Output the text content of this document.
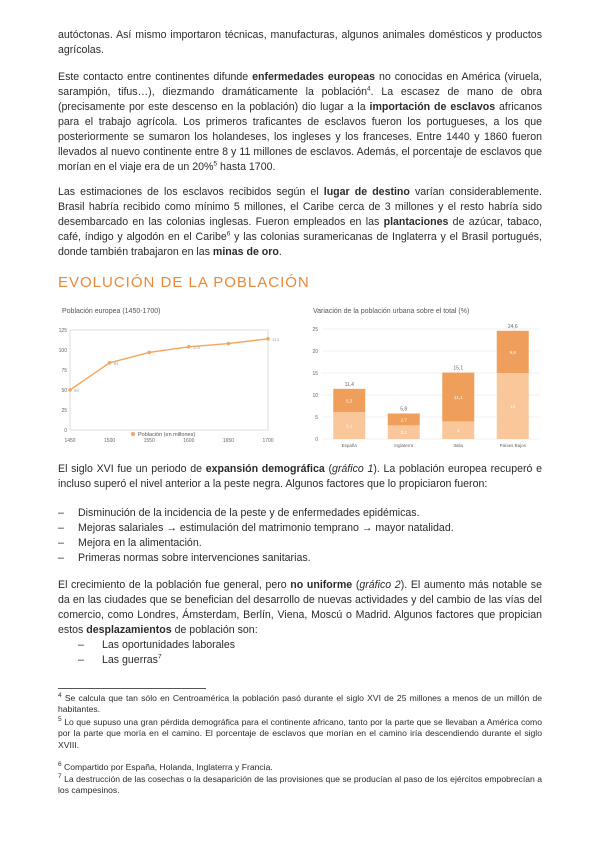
autóctonas. Así mismo importaron técnicas, manufacturas, algunos animales domésticos y productos agrícolas.

Este contacto entre continentes difunde enfermedades europeas no conocidas en América (viruela, sarampión, tifus…), diezmando dramáticamente la población$^4$. La escasez de mano de obra (precisamente por este descenso en la población) dio lugar a la importación de esclavos africanos para el trabajo agrícola. Los primeros traficantes de esclavos fueron los portugueses, a los que posteriormente se sumaron los holandeses, los ingleses y los franceses. Entre 1440 y 1860 fueron llevados al nuevo continente entre 8 y 11 millones de esclavos. Además, el porcentaje de esclavos que morían en el viaje era de un 20%$^5$ hasta 1700.

Las estimaciones de los esclavos recibidos según el lugar de destino varían considerablemente. Brasil habría recibido como mínimo 5 millones, el Caribe cerca de 3 millones y el resto habría sido desembarcado en las colonias inglesas. Fueron empleados en las plantaciones de azúcar, tabaco, café, índigo y algodón en el Caribe$^6$ y las colonias suramericanas de Inglaterra y el Brasil portugués, donde también trabajaron en las minas de oro.

EVOLUCIÓN DE LA POBLACIÓN
Población europea (1450-1700)
0
25
50
75
100
125
1450	1500	1550	1600	1650	1700
50
84
104
114
Población (en millones)
Variación de la población urbana sobre el total (%)
0
5
10
15
20
25
6,1
5,3
11,4
España
3,1
2,7
5,8
Inglaterra
4
11,1
15,1
Italia
15
9,6
24,6
Países Bajos

El siglo XVI fue un periodo de expansión demográfica (gráfico 1). La población europea recuperó e incluso superó el nivel anterior a la peste negra. Algunos factores que lo propiciaron fueron:

– Disminución de la incidencia de la peste y de enfermedades epidémicas.
– Mejoras salariales → estimulación del matrimonio temprano → mayor natalidad.
– Mejora en la alimentación.
– Primeras normas sobre intervenciones sanitarias.

El crecimiento de la población fue general, pero no uniforme (gráfico 2). El aumento más notable se da en las ciudades que se benefician del desarrollo de nuevas actividades y del cambio de las vías del comercio, como Londres, Ámsterdam, Berlín, Viena, Moscú o Madrid. Algunos factores que propician estos desplazamientos de población son:

– Las oportunidades laborales
– Las guerras$^7$

$^4$ Se calcula que tan sólo en Centroamérica la población pasó durante el siglo XVI de 25 millones a menos de un millón de habitantes.

$^5$ Lo que supuso una gran pérdida demográfica para el continente africano, tanto por la parte que se llevaban a América como por la parte que moría en el camino. El porcentaje de esclavos que morían en el camino iría descendiendo durante el siglo XVIII.

$^6$ Compartido por España, Holanda, Inglaterra y Francia.

$^7$ La destrucción de las cosechas o la desaparición de las provisiones que se producían al paso de los ejércitos empobrecían a los campesinos.
